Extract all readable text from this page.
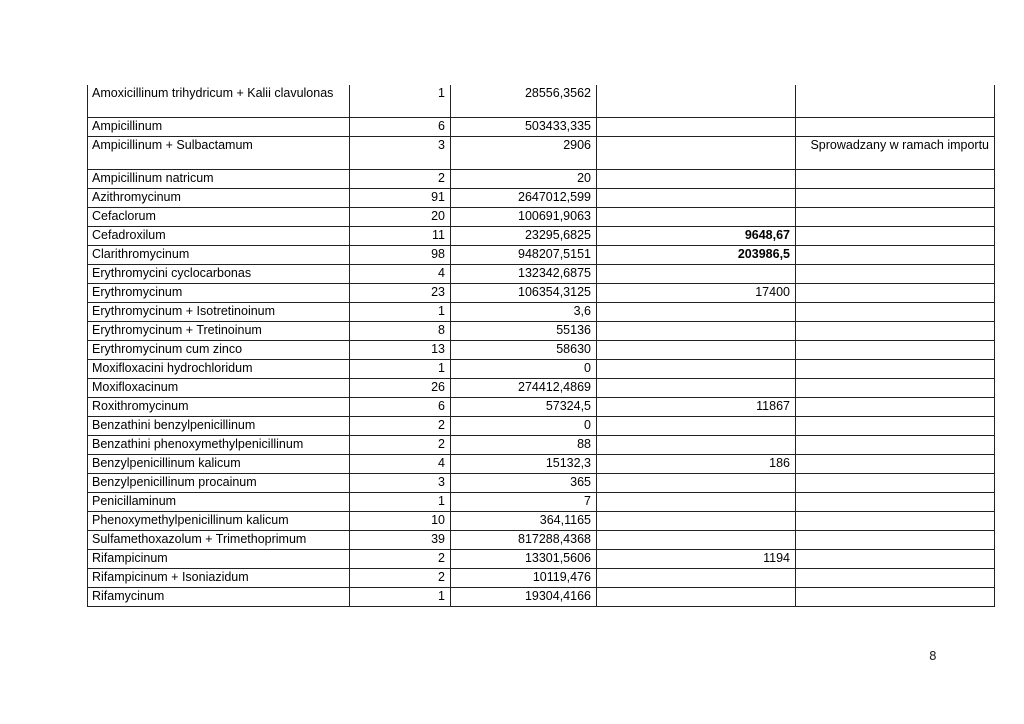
Amoxicillinum trihydricum + Kalii clavulonas	1	28556,3562		
Ampicillinum	6	503433,335		
Ampicillinum + Sulbactamum	3	2906		Sprowadzany w ramach importu
Ampicillinum natricum	2	20		
Azithromycinum	91	2647012,599		
Cefaclorum	20	100691,9063		
Cefadroxilum	11	23295,6825	9648,67	
Clarithromycinum	98	948207,5151	203986,5	
Erythromycini cyclocarbonas	4	132342,6875		
Erythromycinum	23	106354,3125	17400	
Erythromycinum + Isotretinoinum	1	3,6		
Erythromycinum + Tretinoinum	8	55136		
Erythromycinum cum zinco	13	58630		
Moxifloxacini hydrochloridum	1	0		
Moxifloxacinum	26	274412,4869		
Roxithromycinum	6	57324,5	11867	
Benzathini benzylpenicillinum	2	0		
Benzathini phenoxymethylpenicillinum	2	88		
Benzylpenicillinum kalicum	4	15132,3	186	
Benzylpenicillinum procainum	3	365		
Penicillaminum	1	7		
Phenoxymethylpenicillinum kalicum	10	364,1165		
Sulfamethoxazolum + Trimethoprimum	39	817288,4368		
Rifampicinum	2	13301,5606	1194	
Rifampicinum + Isoniazidum	2	10119,476		
Rifamycinum	1	19304,4166		
8
